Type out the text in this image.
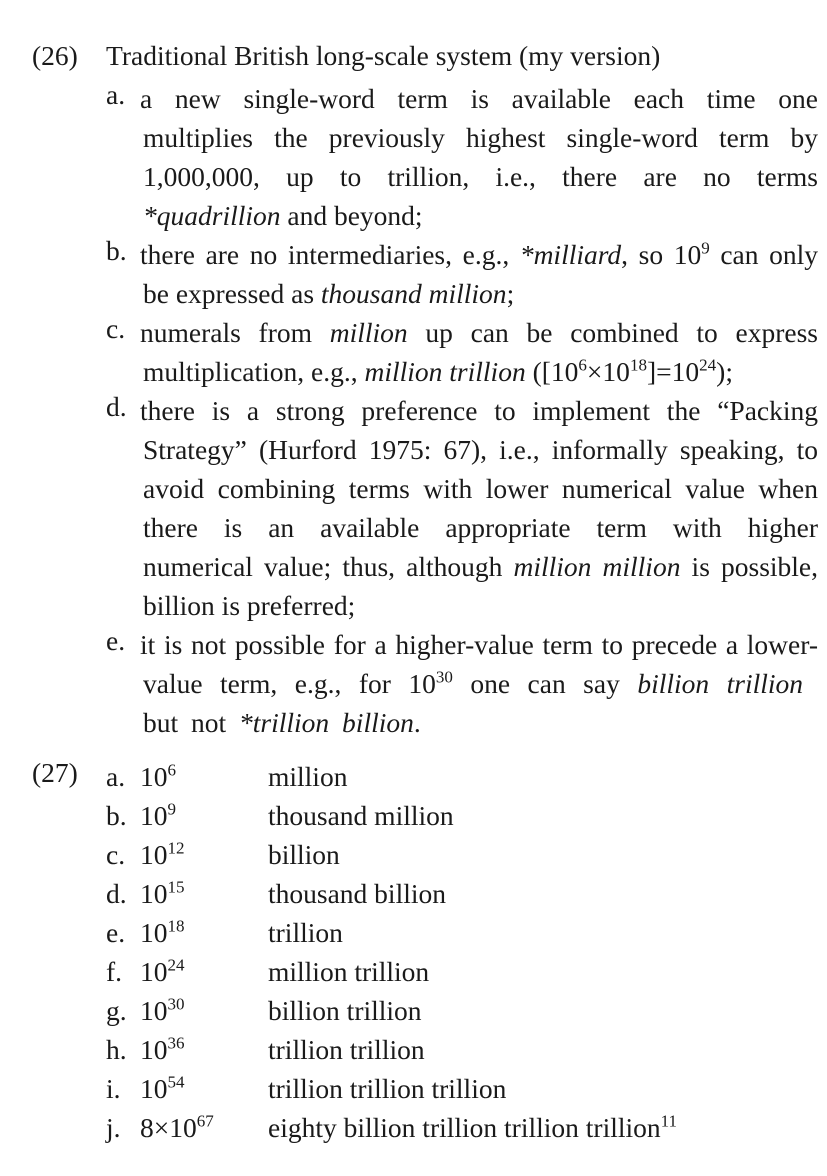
(26) Traditional British long-scale system (my version)
a. a new single-word term is available each time one
multiplies the previously highest single-word term by
1,000,000, up to trillion, i.e., there are no terms
*quadrillion and beyond;
b. there are no intermediaries, e.g., *milliard, so $10^9$ can only
be expressed as thousand million;
c. numerals from million up can be combined to express
multiplication, e.g., million trillion $([10^6\times 10^{18}]=10^{24})$;
d. there is a strong preference to implement the “Packing
Strategy” (Hurford 1975: 67), i.e., informally speaking, to
avoid combining terms with lower numerical value when
there is an available appropriate term with higher
numerical value; thus, although million million is possible,
billion is preferred;
e. it is not possible for a higher-value term to precede a lower-
value term, e.g., for $10^{30}$ one can say billion trillion
but not *trillion billion.
(27) a. $10^6$	million
b. $10^9$	thousand million
c. $10^{12}$	billion
d. $10^{15}$	thousand billion
e. $10^{18}$	trillion
f. $10^{24}$	million trillion
g. $10^{30}$	billion trillion
h. $10^{36}$	trillion trillion
i. $10^{54}$	trillion trillion trillion
j. $8\times 10^{67}$ eighty billion trillion trillion trillion$^{11}$
